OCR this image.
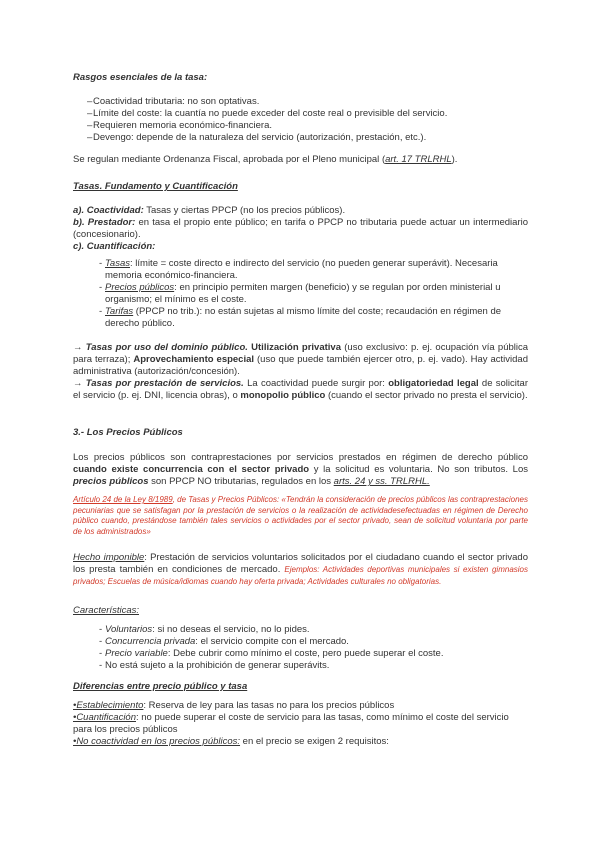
Rasgos esenciales de la tasa:

– Coactividad tributaria: no son optativas.
– Límite del coste: la cuantía no puede exceder del coste real o previsible del servicio.
– Requieren memoria económico-financiera.
– Devengo: depende de la naturaleza del servicio (autorización, prestación, etc.).

Se regulan mediante Ordenanza Fiscal, aprobada por el Pleno municipal (art. 17 TRLRHL).

Tasas. Fundamento y Cuantificación

a). Coactividad: Tasas y ciertas PPCP (no los precios públicos).

b). Prestador: en tasa el propio ente público; en tarifa o PPCP no tributaria puede actuar un intermediario (concesionario).

c). Cuantificación:

- Tasas: límite = coste directo e indirecto del servicio (no pueden generar superávit). Necesaria memoria económico-financiera.
- Precios públicos: en principio permiten margen (beneficio) y se regulan por orden ministerial u organismo; el mínimo es el coste.
- Tarifas (PPCP no trib.): no están sujetas al mismo límite del coste; recaudación en régimen de derecho público.

→ Tasas por uso del dominio público. Utilización privativa (uso exclusivo: p. ej. ocupación vía pública para terraza); Aprovechamiento especial (uso que puede también ejercer otro, p. ej. vado). Hay actividad administrativa (autorización/concesión).

→ Tasas por prestación de servicios. La coactividad puede surgir por: obligatoriedad legal de solicitar el servicio (p. ej. DNI, licencia obras), o monopolio público (cuando el sector privado no presta el servicio).

3.- Los Precios Públicos

Los precios públicos son contraprestaciones por servicios prestados en régimen de derecho público cuando existe concurrencia con el sector privado y la solicitud es voluntaria. No son tributos. Los precios públicos son PPCP NO tributarias, regulados en los arts. 24 y ss. TRLRHL.

Artículo 24 de la Ley 8/1989, de Tasas y Precios Públicos: «Tendrán la consideración de precios públicos las contraprestaciones pecuniarias que se satisfagan por la prestación de servicios o la realización de actividadesefectuadas en régimen de Derecho público cuando, prestándose también tales servicios o actividades por el sector privado, sean de solicitud voluntaria por parte de los administrados»

Hecho imponible: Prestación de servicios voluntarios solicitados por el ciudadano cuando el sector privado los presta también en condiciones de mercado. Ejemplos: Actividades deportivas municipales si existen gimnasios privados; Escuelas de música/idiomas cuando hay oferta privada; Actividades culturales no obligatorias.

Características:

- Voluntarios: si no deseas el servicio, no lo pides.
- Concurrencia privada: el servicio compite con el mercado.
- Precio variable: Debe cubrir como mínimo el coste, pero puede superar el coste.
- No está sujeto a la prohibición de generar superávits.

Diferencias entre precio público y tasa

•Establecimiento: Reserva de ley para las tasas no para los precios públicos

•Cuantificación: no puede superar el coste de servicio para las tasas, como mínimo el coste del servicio para los precios públicos

•No coactividad en los precios públicos: en el precio se exigen 2 requisitos:
